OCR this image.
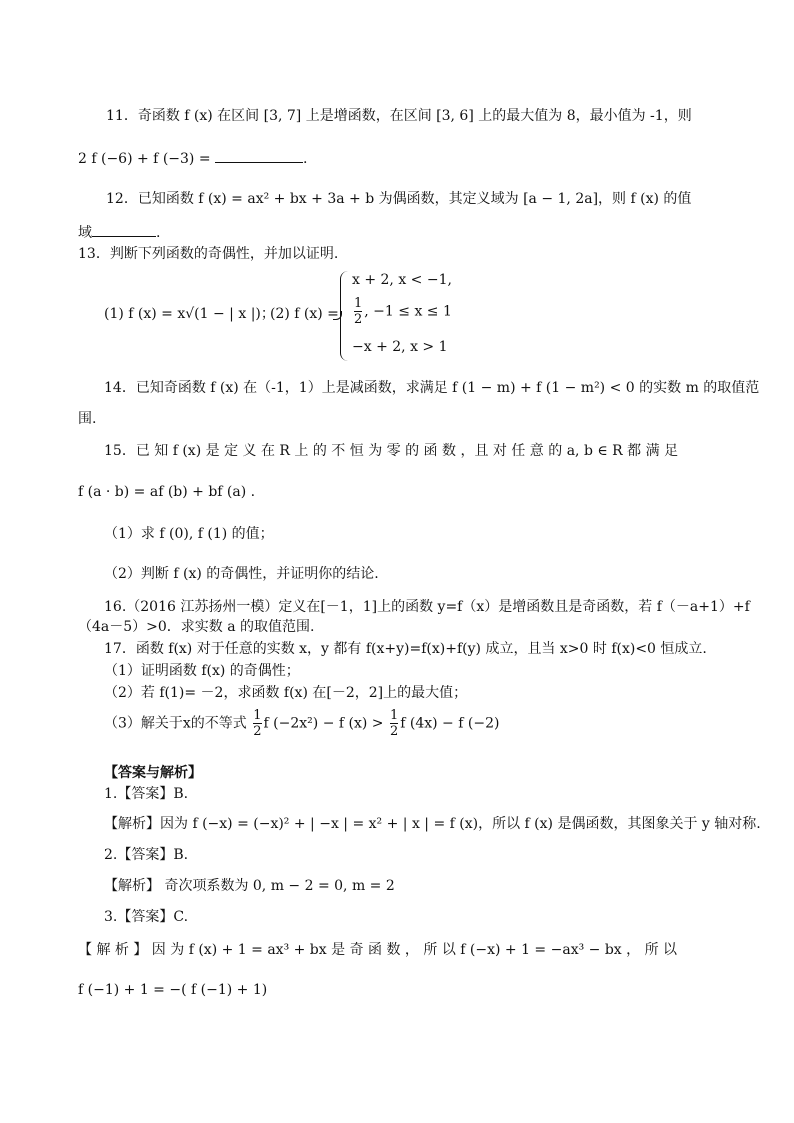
11．奇函数 f (x) 在区间 [3, 7] 上是增函数，在区间 [3, 6] 上的最大值为 8，最小值为 -1，则
2 f (−6) + f (−3) =	.
12．已知函数 f (x) = ax² + bx + 3a + b 为偶函数，其定义域为 [a − 1, 2a]，则 f (x) 的值
域	.
13．判断下列函数的奇偶性，并加以证明.
(1) f (x) = x√(1 − | x |)；
(2) f (x) =
x + 2, x < −1,
$\frac{1}{2}$ , −1 ≤ x ≤ 1
−x + 2, x > 1
14．已知奇函数 f (x) 在（-1，1）上是减函数，求满足 f (1 − m) + f (1 − m²) < 0 的实数 m 的取值范
围.
15．已 知 f (x) 是 定 义 在 R 上 的 不 恒 为 零 的 函 数 ，且 对 任 意 的 a, b ∈ R 都 满 足
f (a · b) = af (b) + bf (a) .
（1）求 f (0), f (1) 的值；
（2）判断 f (x) 的奇偶性，并证明你的结论.
16.（2016 江苏扬州一模）定义在[－1，1]上的函数 y=f（x）是增函数且是奇函数，若 f（－a+1）+f
（4a－5）>0．求实数 a 的取值范围.
17．函数 f(x) 对于任意的实数 x，y 都有 f(x+y)=f(x)+f(y) 成立，且当 x>0 时 f(x)<0 恒成立.
（1）证明函数 f(x) 的奇偶性；
（2）若 f(1)= －2，求函数 f(x) 在[－2，2]上的最大值；
（3）解关于x的不等式 $\frac{1}{2}$ f (−2x²) − f $(x) > \frac{1}{2}$ f (4x) − f (−2)
【答案与解析】
1.【答案】B.
【解析】因为 f (−x) = (−x)² + | −x | = x² + | x | = f (x)，所以 f (x) 是偶函数，其图象关于 y 轴对称.
2.【答案】B.
【解析】 奇次项系数为 0, m − 2 = 0, m = 2
3.【答案】C.
【 解 析 】 因 为 f (x) + 1 = ax³ + bx 是 奇 函 数 ， 所 以 f (−x) + 1 = −ax³ − bx ， 所 以
f (−1) + 1 = −( f (−1) + 1)
